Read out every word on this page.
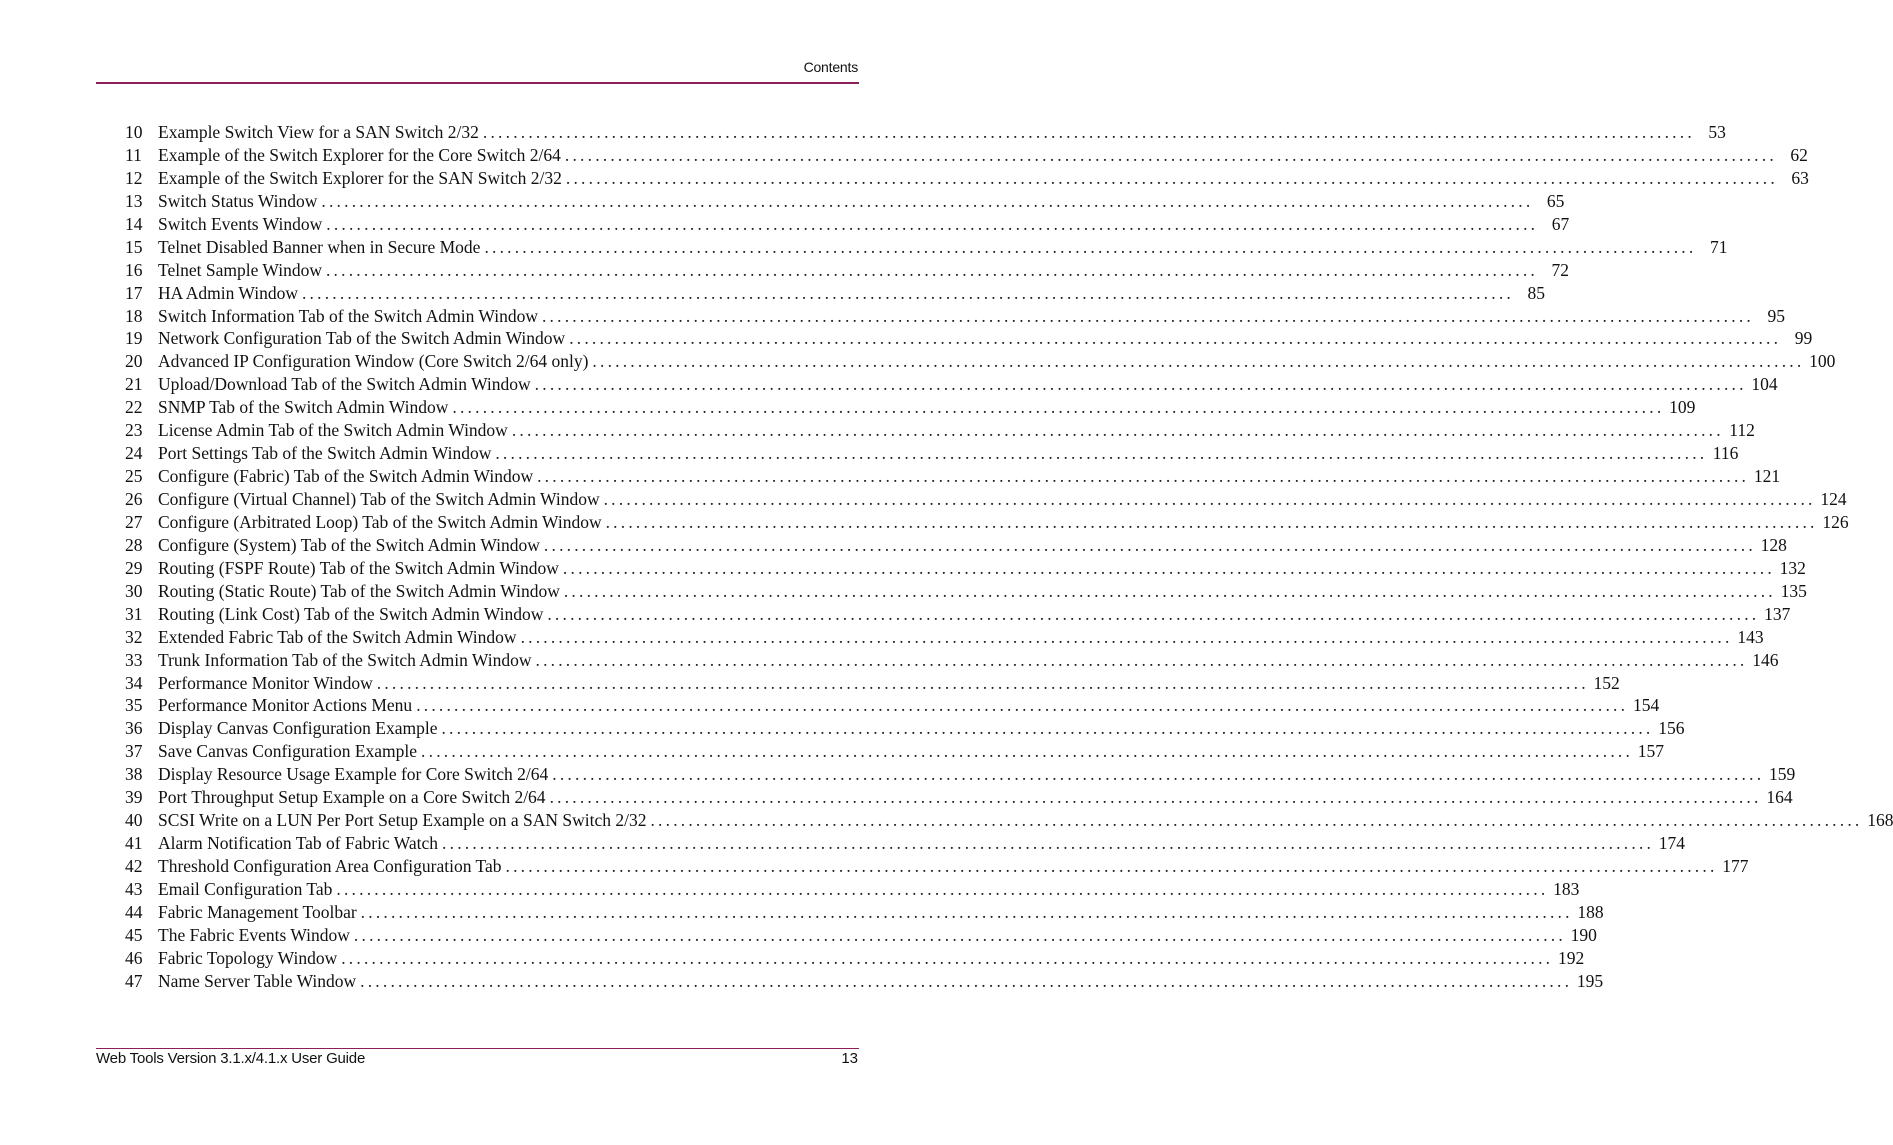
Contents
10 Example Switch View for a SAN Switch 2/32 ................................................................................................................................................................ 53
11 Example of the Switch Explorer for the Core Switch 2/64 ................................................................................................................................................................ 62
12 Example of the Switch Explorer for the SAN Switch 2/32 ................................................................................................................................................................ 63
13 Switch Status Window ................................................................................................................................................................ 65
14 Switch Events Window ................................................................................................................................................................ 67
15 Telnet Disabled Banner when in Secure Mode ................................................................................................................................................................ 71
16 Telnet Sample Window ................................................................................................................................................................ 72
17 HA Admin Window ................................................................................................................................................................ 85
18 Switch Information Tab of the Switch Admin Window ................................................................................................................................................................ 95
19 Network Configuration Tab of the Switch Admin Window ................................................................................................................................................................ 99
20 Advanced IP Configuration Window (Core Switch 2/64 only) ................................................................................................................................................................ 100
21 Upload/Download Tab of the Switch Admin Window ................................................................................................................................................................ 104
22 SNMP Tab of the Switch Admin Window ................................................................................................................................................................ 109
23 License Admin Tab of the Switch Admin Window ................................................................................................................................................................ 112
24 Port Settings Tab of the Switch Admin Window ................................................................................................................................................................ 116
25 Configure (Fabric) Tab of the Switch Admin Window ................................................................................................................................................................ 121
26 Configure (Virtual Channel) Tab of the Switch Admin Window ................................................................................................................................................................ 124
27 Configure (Arbitrated Loop) Tab of the Switch Admin Window ................................................................................................................................................................ 126
28 Configure (System) Tab of the Switch Admin Window ................................................................................................................................................................ 128
29 Routing (FSPF Route) Tab of the Switch Admin Window ................................................................................................................................................................ 132
30 Routing (Static Route) Tab of the Switch Admin Window ................................................................................................................................................................ 135
31 Routing (Link Cost) Tab of the Switch Admin Window ................................................................................................................................................................ 137
32 Extended Fabric Tab of the Switch Admin Window ................................................................................................................................................................ 143
33 Trunk Information Tab of the Switch Admin Window ................................................................................................................................................................ 146
34 Performance Monitor Window ................................................................................................................................................................ 152
35 Performance Monitor Actions Menu ................................................................................................................................................................ 154
36 Display Canvas Configuration Example ................................................................................................................................................................ 156
37 Save Canvas Configuration Example ................................................................................................................................................................ 157
38 Display Resource Usage Example for Core Switch 2/64 ................................................................................................................................................................ 159
39 Port Throughput Setup Example on a Core Switch 2/64 ................................................................................................................................................................ 164
40 SCSI Write on a LUN Per Port Setup Example on a SAN Switch 2/32 ................................................................................................................................................................ 168
41 Alarm Notification Tab of Fabric Watch ................................................................................................................................................................ 174
42 Threshold Configuration Area Configuration Tab ................................................................................................................................................................ 177
43 Email Configuration Tab ................................................................................................................................................................ 183
44 Fabric Management Toolbar ................................................................................................................................................................ 188
45 The Fabric Events Window ................................................................................................................................................................ 190
46 Fabric Topology Window ................................................................................................................................................................ 192
47 Name Server Table Window ................................................................................................................................................................ 195
Web Tools Version 3.1.x/4.1.x User Guide	13
